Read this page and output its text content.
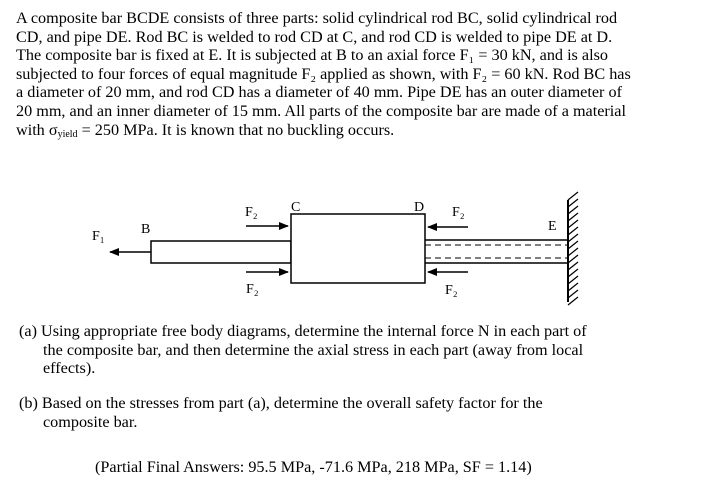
A composite bar BCDE consists of three parts: solid cylindrical rod BC, solid cylindrical rod
CD, and pipe DE. Rod BC is welded to rod CD at C, and rod CD is welded to pipe DE at D.
The composite bar is fixed at E. It is subjected at B to an axial force F₁ = 30 kN, and is also
subjected to four forces of equal magnitude F₂ applied as shown, with F₂ = 60 kN. Rod BC has
a diameter of 20 mm, and rod CD has a diameter of 40 mm. Pipe DE has an outer diameter of
20 mm, and an inner diameter of 15 mm. All parts of the composite bar are made of a material
with $\sigma_{yield} = 250$ MPa. It is known that no buckling occurs.
F₁	B
F₂ C	D F₂
E
F₂	F₂
(a) Using appropriate free body diagrams, determine the internal force N in each part of
the composite bar, and then determine the axial stress in each part (away from local
effects).
(b) Based on the stresses from part (a), determine the overall safety factor for the
composite bar.
(Partial Final Answers: 95.5 MPa, -71.6 MPa, 218 MPa, SF = 1.14)
